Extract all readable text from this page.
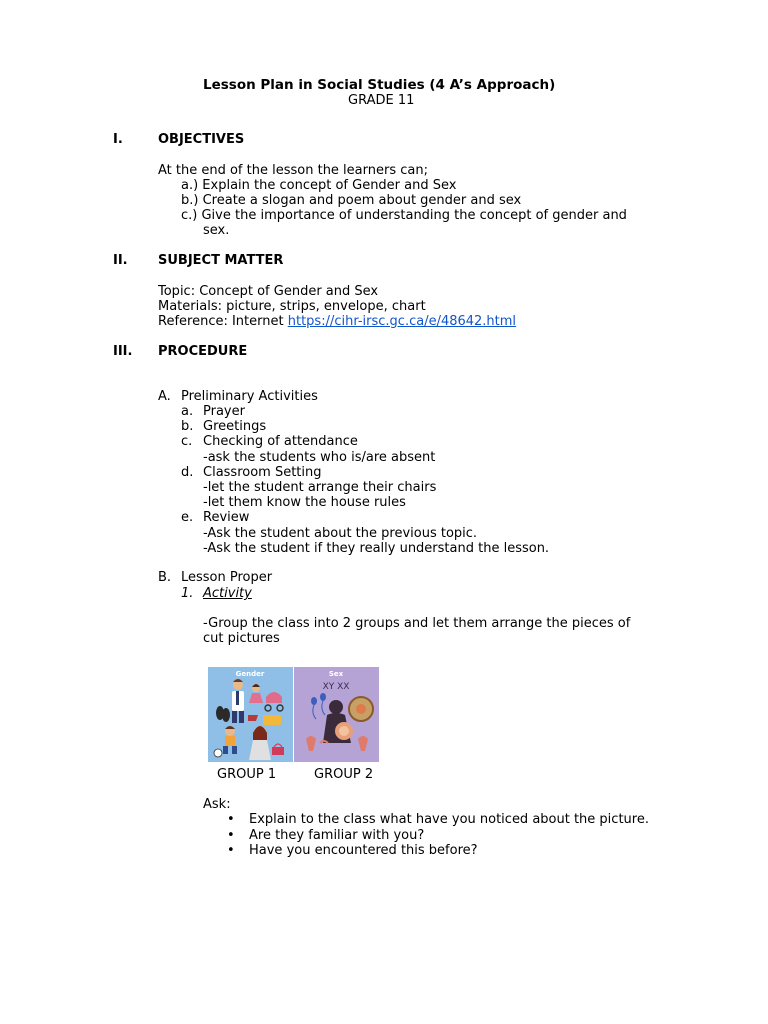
Lesson Plan in Social Studies (4 A’s Approach)
GRADE 11
I.	OBJECTIVES
At the end of the lesson the learners can;
a.) Explain the concept of Gender and Sex
b.) Create a slogan and poem about gender and sex
c.) Give the importance of understanding the concept of gender and
sex.
II. SUBJECT MATTER
Topic: Concept of Gender and Sex
Materials: picture, strips, envelope, chart
Reference: Internet https://cihr-irsc.gc.ca/e/48642.html
III. PROCEDURE
A. Preliminary Activities
a. Prayer
b. Greetings
c. Checking of attendance
-ask the students who is/are absent
d. Classroom Setting
-let the student arrange their chairs
-let them know the house rules
e. Review
-Ask the student about the previous topic.
-Ask the student if they really understand the lesson.
B. Lesson Proper
1. Activity
-Group the class into 2 groups and let them arrange the pieces of
cut pictures
Gender	Sex
XY XX
GROUP 1	GROUP 2
Ask:
• Explain to the class what have you noticed about the picture.
• Are they familiar with you?
• Have you encountered this before?
